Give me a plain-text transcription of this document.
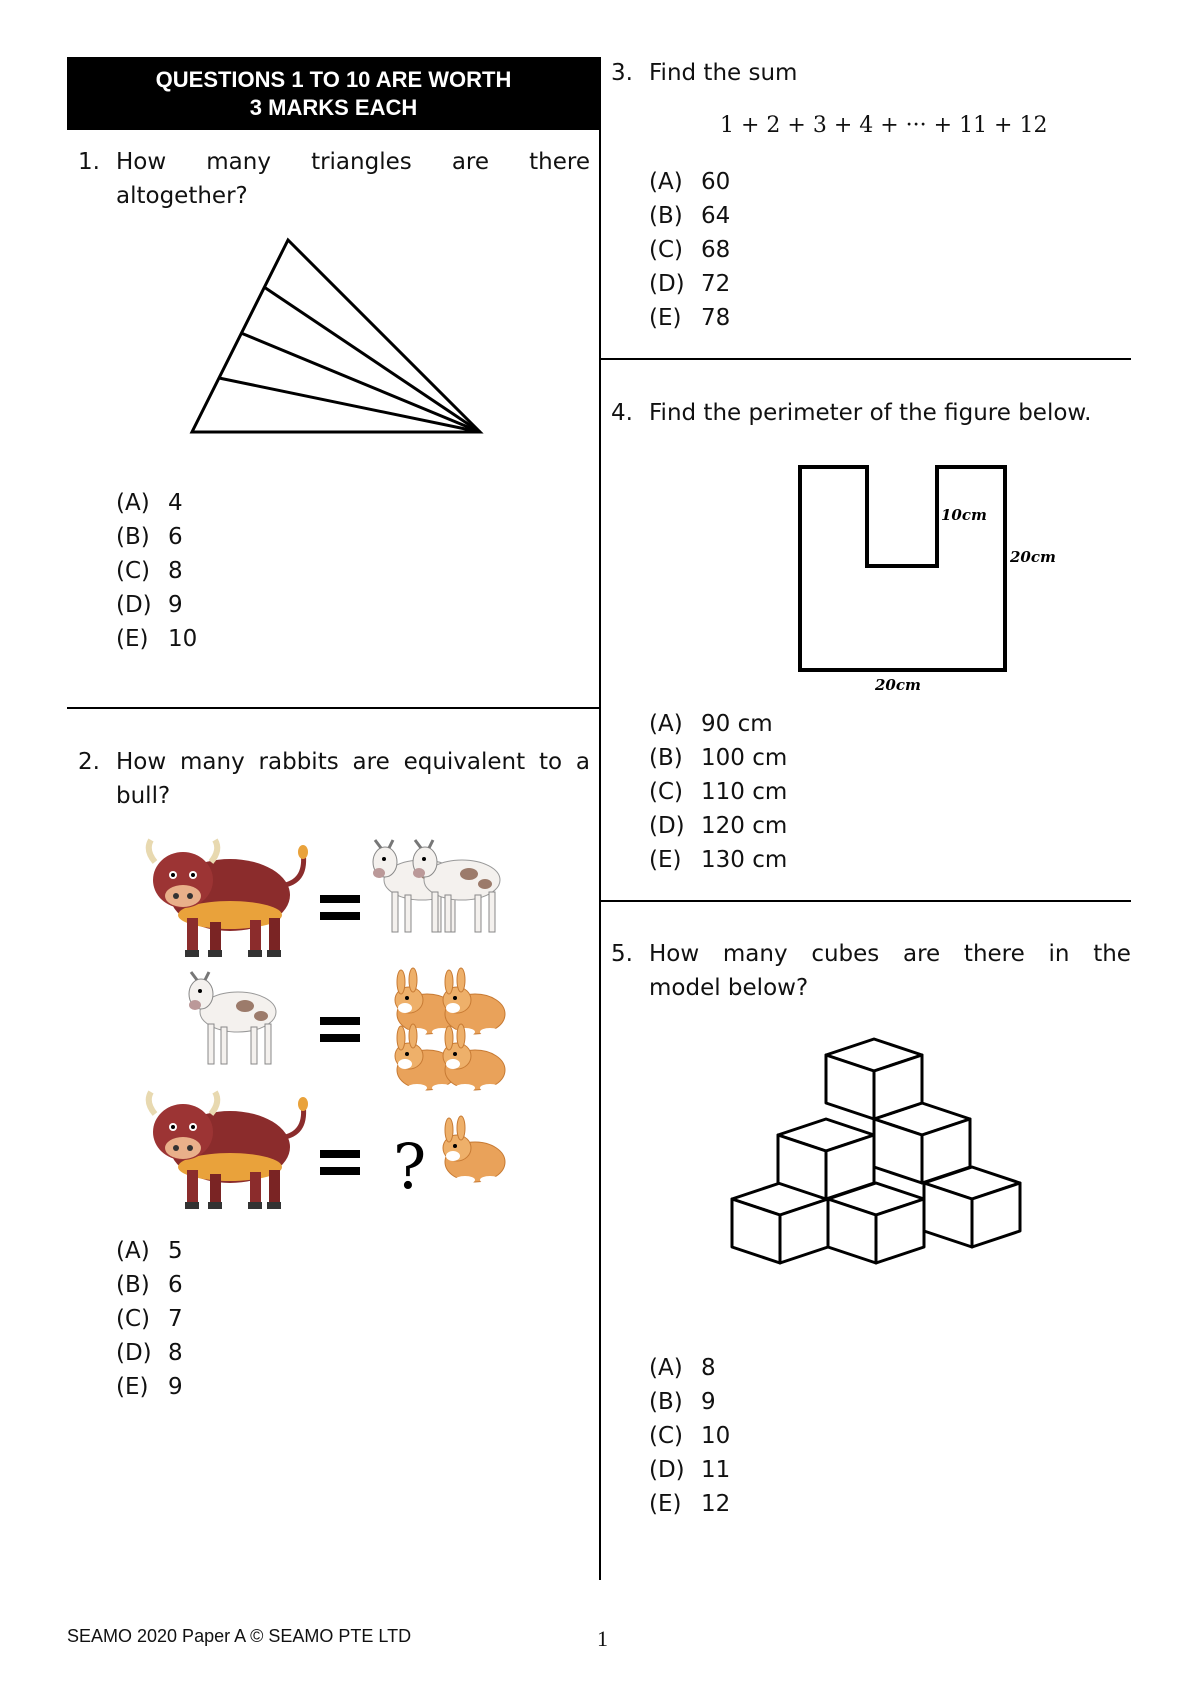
QUESTIONS 1 TO 10 ARE WORTH
3 MARKS EACH
1. How many triangles are there
altogether?
(A) 4
(B) 6
(C) 8
(D) 9
(E) 10
2. How many rabbits are equivalent to a
bull?
?
(A) 5
(B) 6
(C) 7
(D) 8
(E) 9
3. Find the sum
1 + 2 + 3 + 4 + ··· + 11 + 12
(A) 60
(B) 64
(C) 68
(D) 72
(E) 78
4. Find the perimeter of the figure below.
10cm
20cm
20cm
(A) 90 cm
(B) 100 cm
(C) 110 cm
(D) 120 cm
(E) 130 cm
5. How many cubes are there in the
model below?
(A) 8
(B) 9
(C) 10
(D) 11
(E) 12
SEAMO 2020 Paper A © SEAMO PTE LTD	1
